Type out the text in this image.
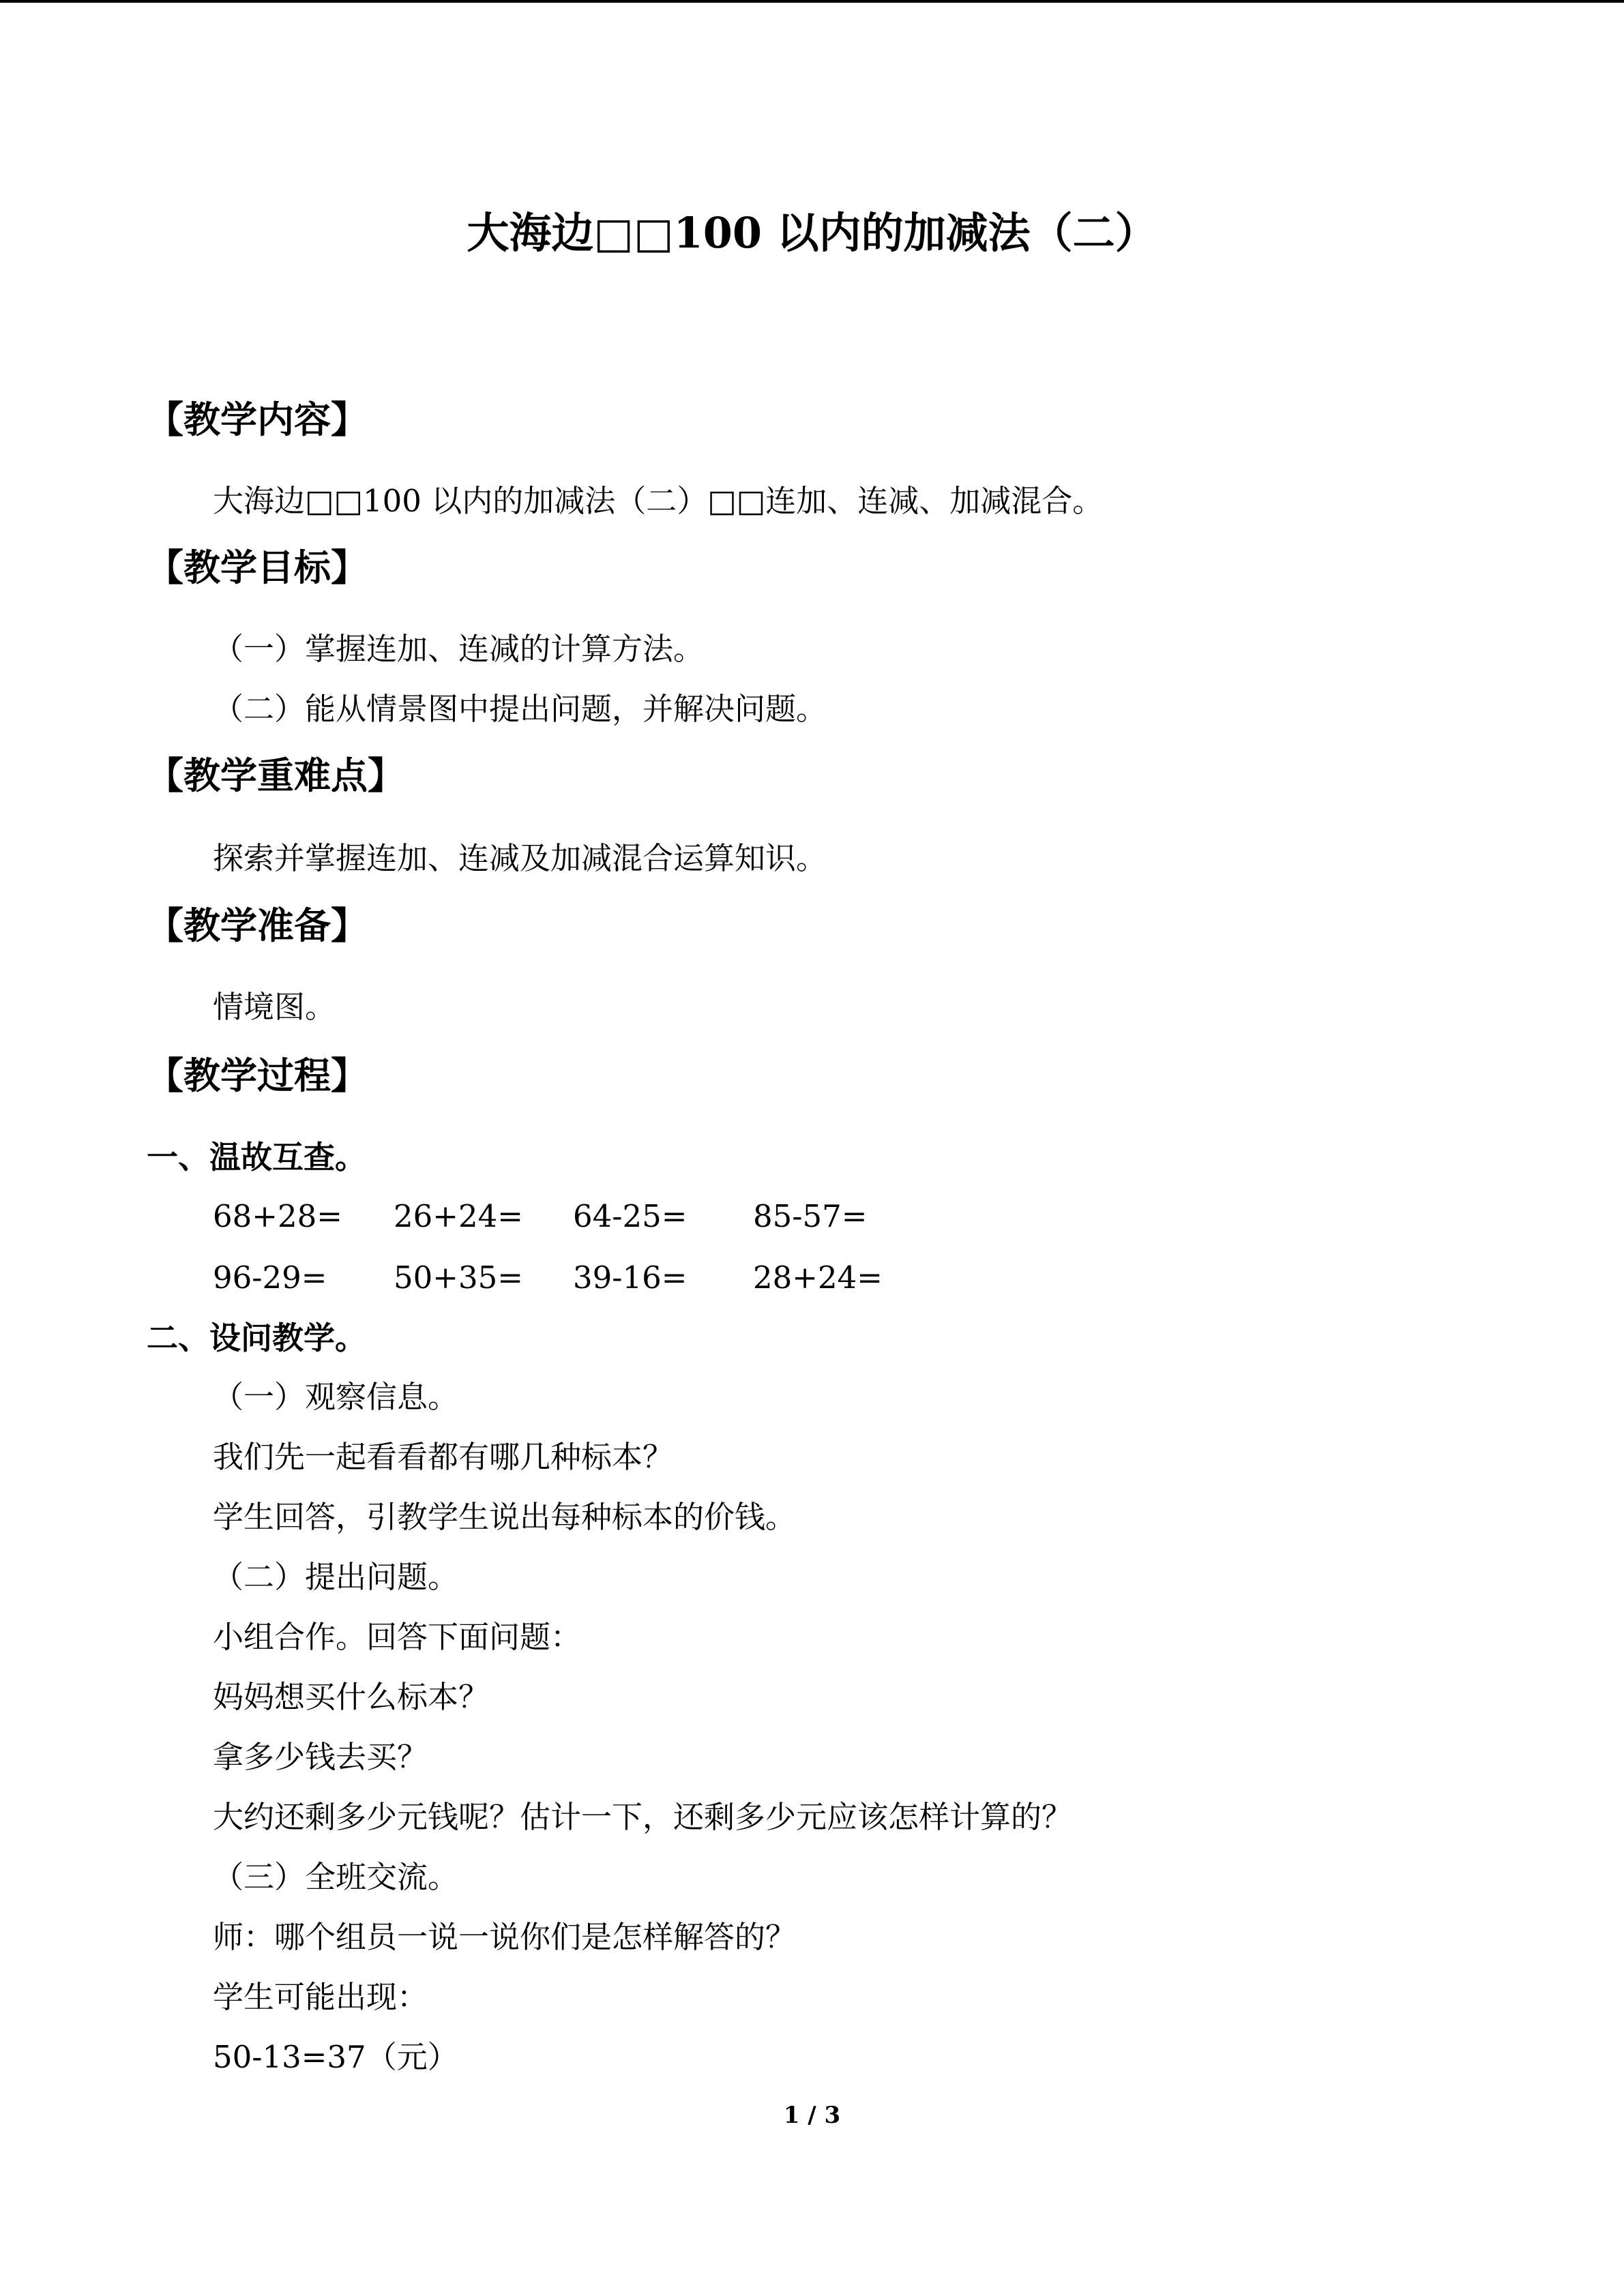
大海边□□100 以内的加减法（二）
【教学内容】
大海边□□100 以内的加减法（二）□□连加、连减、加减混合。
【教学目标】
（一）掌握连加、连减的计算方法。
（二）能从情景图中提出问题，并解决问题。
【教学重难点】
探索并掌握连加、连减及加减混合运算知识。
【教学准备】
情境图。
【教学过程】
一、温故互查。
68+28= 26+24= 64-25= 85-57=
96-29= 50+35= 39-16= 28+24=
二、设问教学。
（一）观察信息。
我们先一起看看都有哪几种标本？
学生回答，引教学生说出每种标本的价钱。
（二）提出问题。
小组合作。回答下面问题：
妈妈想买什么标本？
拿多少钱去买？
大约还剩多少元钱呢？估计一下，还剩多少元应该怎样计算的？
（三）全班交流。
师：哪个组员一说一说你们是怎样解答的？
学生可能出现：
50-13=37（元）
1 / 3
